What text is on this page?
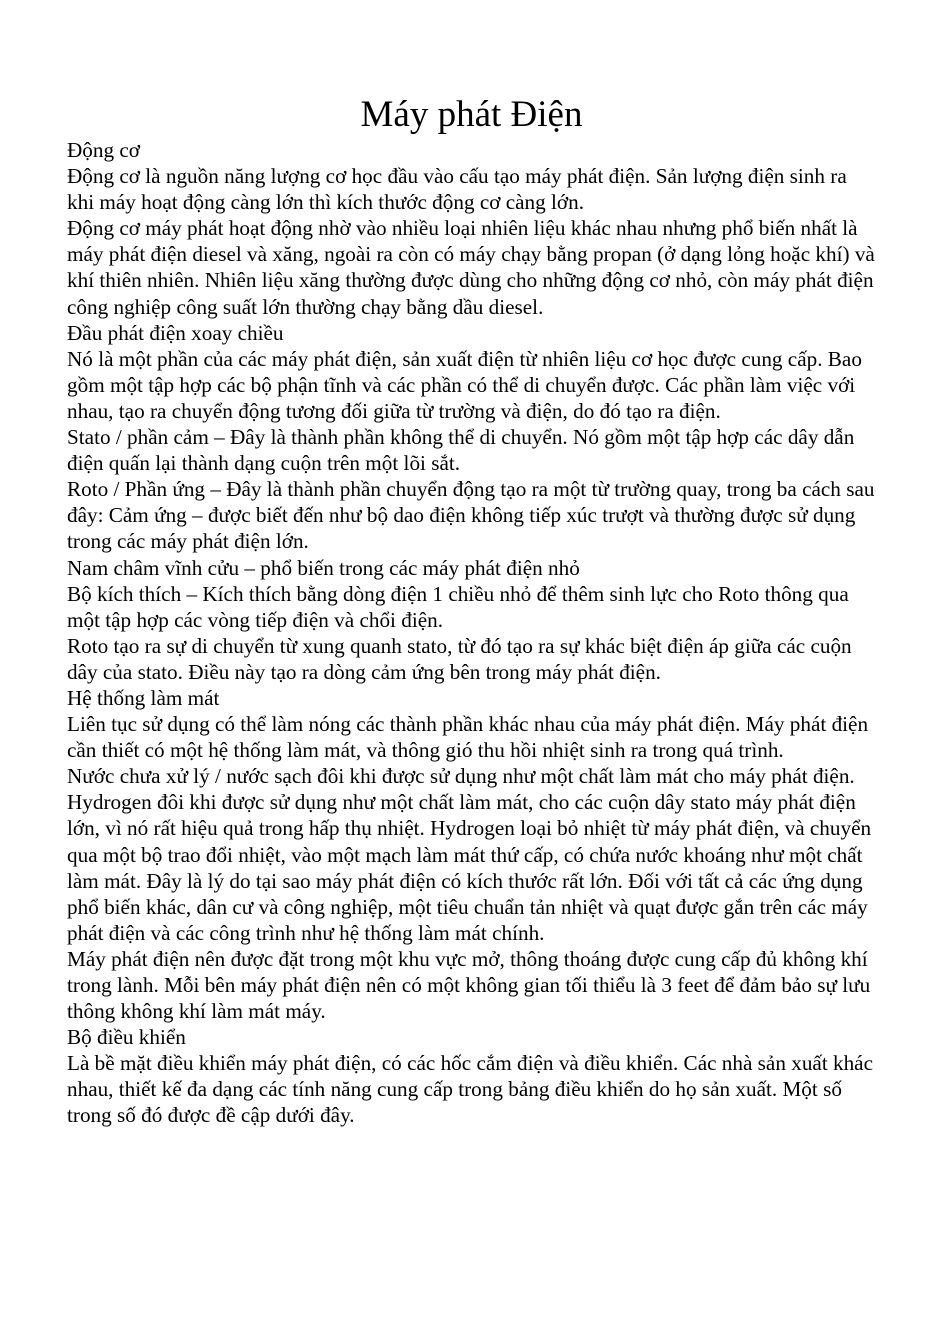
Máy phát Điện

Động cơ

Động cơ là nguồn năng lượng cơ học đầu vào cấu tạo máy phát điện. Sản lượng điện sinh ra khi máy hoạt động càng lớn thì kích thước động cơ càng lớn.

Động cơ máy phát hoạt động nhờ vào nhiều loại nhiên liệu khác nhau nhưng phổ biến nhất là máy phát điện diesel và xăng, ngoài ra còn có máy chạy bằng propan (ở dạng lỏng hoặc khí) và khí thiên nhiên. Nhiên liệu xăng thường được dùng cho những động cơ nhỏ, còn máy phát điện công nghiệp công suất lớn thường chạy bằng dầu diesel.

Đầu phát điện xoay chiều

Nó là một phần của các máy phát điện, sản xuất điện từ nhiên liệu cơ học được cung cấp. Bao gồm một tập hợp các bộ phận tĩnh và các phần có thể di chuyển được. Các phần làm việc với nhau, tạo ra chuyển động tương đối giữa từ trường và điện, do đó tạo ra điện.

Stato / phần cảm – Đây là thành phần không thể di chuyển. Nó gồm một tập hợp các dây dẫn điện quấn lại thành dạng cuộn trên một lõi sắt.

Roto / Phần ứng – Đây là thành phần chuyển động tạo ra một từ trường quay, trong ba cách sau đây: Cảm ứng – được biết đến như bộ dao điện không tiếp xúc trượt và thường được sử dụng trong các máy phát điện lớn.

Nam châm vĩnh cửu – phổ biến trong các máy phát điện nhỏ

Bộ kích thích – Kích thích bằng dòng điện 1 chiều nhỏ để thêm sinh lực cho Roto thông qua một tập hợp các vòng tiếp điện và chổi điện.

Roto tạo ra sự di chuyển từ xung quanh stato, từ đó tạo ra sự khác biệt điện áp giữa các cuộn dây của stato. Điều này tạo ra dòng cảm ứng bên trong máy phát điện.

Hệ thống làm mát

Liên tục sử dụng có thể làm nóng các thành phần khác nhau của máy phát điện. Máy phát điện cần thiết có một hệ thống làm mát, và thông gió thu hồi nhiệt sinh ra trong quá trình.

Nước chưa xử lý / nước sạch đôi khi được sử dụng như một chất làm mát cho máy phát điện. Hydrogen đôi khi được sử dụng như một chất làm mát, cho các cuộn dây stato máy phát điện lớn, vì nó rất hiệu quả trong hấp thụ nhiệt. Hydrogen loại bỏ nhiệt từ máy phát điện, và chuyển qua một bộ trao đổi nhiệt, vào một mạch làm mát thứ cấp, có chứa nước khoáng như một chất làm mát. Đây là lý do tại sao máy phát điện có kích thước rất lớn. Đối với tất cả các ứng dụng phổ biến khác, dân cư và công nghiệp, một tiêu chuẩn tản nhiệt và quạt được gắn trên các máy phát điện và các công trình như hệ thống làm mát chính.

Máy phát điện nên được đặt trong một khu vực mở, thông thoáng được cung cấp đủ không khí trong lành. Mỗi bên máy phát điện nên có một không gian tối thiểu là 3 feet để đảm bảo sự lưu thông không khí làm mát máy.

Bộ điều khiển

Là bề mặt điều khiển máy phát điện, có các hốc cắm điện và điều khiển. Các nhà sản xuất khác nhau, thiết kế đa dạng các tính năng cung cấp trong bảng điều khiển do họ sản xuất. Một số trong số đó được đề cập dưới đây.
